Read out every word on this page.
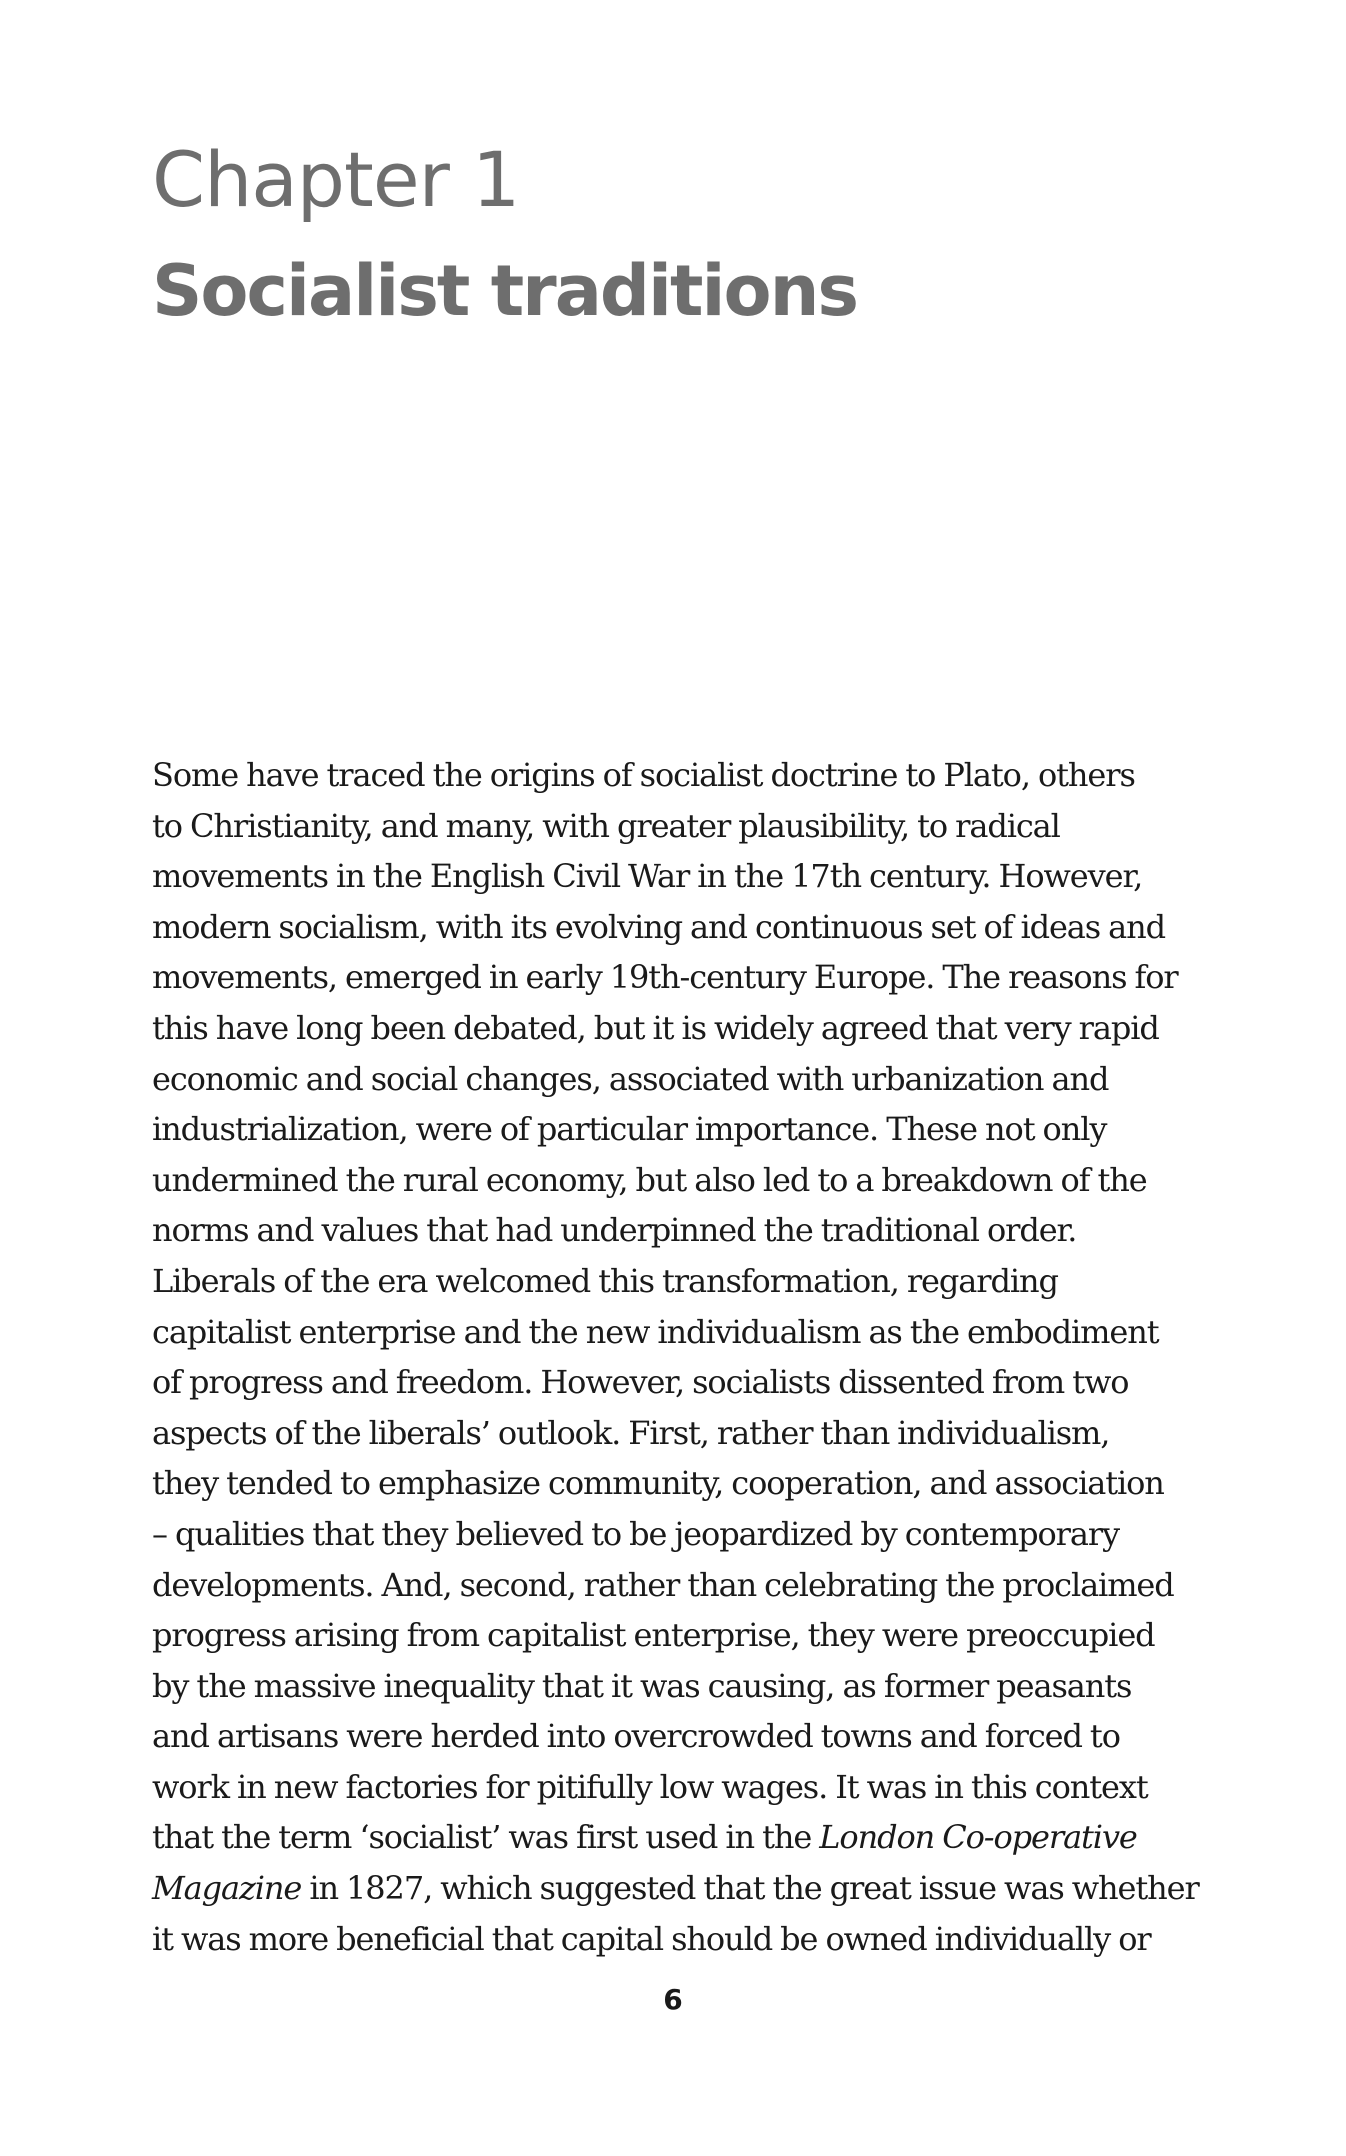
Chapter 1
Socialist traditions
Some have traced the origins of socialist doctrine to Plato, others
to Christianity, and many, with greater plausibility, to radical
movements in the English Civil War in the 17th century. However,
modern socialism, with its evolving and continuous set of ideas and
movements, emerged in early 19th-century Europe. The reasons for
this have long been debated, but it is widely agreed that very rapid
economic and social changes, associated with urbanization and
industrialization, were of particular importance. These not only
undermined the rural economy, but also led to a breakdown of the
norms and values that had underpinned the traditional order.
Liberals of the era welcomed this transformation, regarding
capitalist enterprise and the new individualism as the embodiment
of progress and freedom. However, socialists dissented from two
aspects of the liberals’ outlook. First, rather than individualism,
they tended to emphasize community, cooperation, and association
– qualities that they believed to be jeopardized by contemporary
developments. And, second, rather than celebrating the proclaimed
progress arising from capitalist enterprise, they were preoccupied
by the massive inequality that it was causing, as former peasants
and artisans were herded into overcrowded towns and forced to
work in new factories for pitifully low wages. It was in this context
that the term ‘socialist’ was first used in the London Co-operative
Magazine in 1827, which suggested that the great issue was whether
it was more beneficial that capital should be owned individually or
6
